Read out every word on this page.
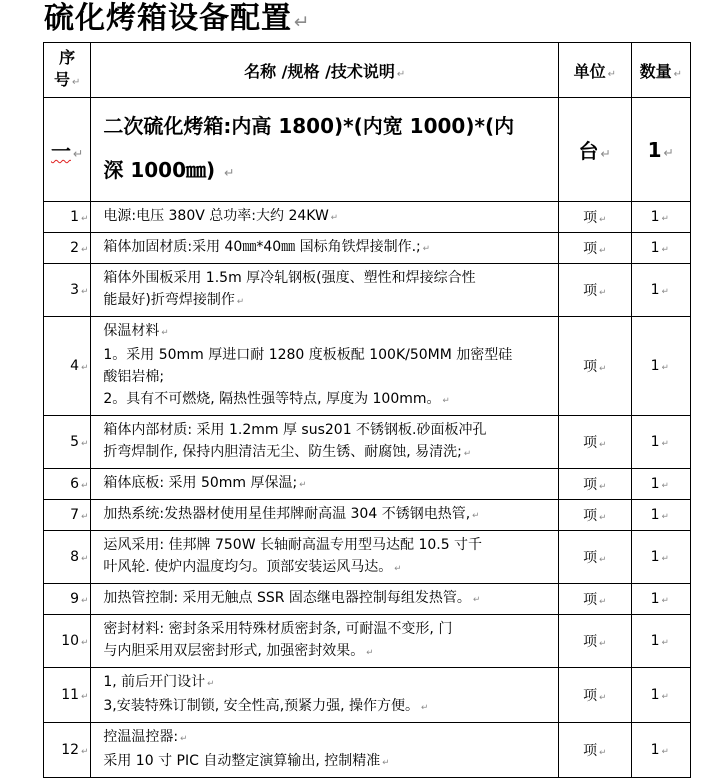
硫化烤箱设备配置 ↵
序
号 ↵	名称 /规格 /技术说明 ↵	单位 ↵	数量 ↵
一 ↵	二次硫化烤箱:内高 1800)*(内宽 1000)*(内
深 1000㎜) ↵	台 ↵	1 ↵
1 ↵	电源:电压 380V 总功率:大约 24KW ↵	项 ↵	1 ↵
2 ↵	箱体加固材质:采用 40㎜*40㎜ 国标角铁焊接制作.; ↵	项 ↵	1 ↵
3 ↵	箱体外围板采用 1.5m 厚冷轧钢板(强度、塑性和焊接综合性
能最好)折弯焊接制作 ↵	项 ↵	1 ↵
4 ↵	保温材料 ↵
1。采用 50mm 厚进口耐 1280 度板板配 100K/50MM 加密型硅
酸铝岩棉;
2。具有不可燃烧, 隔热性强等特点, 厚度为 100mm。 ↵	项 ↵	1 ↵
5 ↵	箱体内部材质: 采用 1.2mm 厚 sus201 不锈钢板.砂面板冲孔
折弯焊制作, 保持内胆清洁无尘、防生锈、耐腐蚀, 易清洗; ↵	项 ↵	1 ↵
6 ↵	箱体底板: 采用 50mm 厚保温; ↵	项 ↵	1 ↵
7 ↵	加热系统:发热器材使用星佳邦牌耐高温 304 不锈钢电热管, ↵	项 ↵	1 ↵
8 ↵	运风采用: 佳邦牌 750W 长轴耐高温专用型马达配 10.5 寸千
叶风轮. 使炉内温度均匀。顶部安装运风马达。 ↵	项 ↵	1 ↵
9 ↵	加热管控制: 采用无触点 SSR 固态继电器控制每组发热管。 ↵	项 ↵	1 ↵
10 ↵	密封材料: 密封条采用特殊材质密封条, 可耐温不变形, 门
与内胆采用双层密封形式, 加强密封效果。 ↵	项 ↵	1 ↵
11 ↵	1, 前后开门设计 ↵
3,安装特殊订制锁, 安全性高,预紧力强, 操作方便。 ↵	项 ↵	1 ↵
12 ↵	控温温控器: ↵
采用 10 寸 PIC 自动整定演算输出, 控制精准 ↵	项 ↵	1 ↵
